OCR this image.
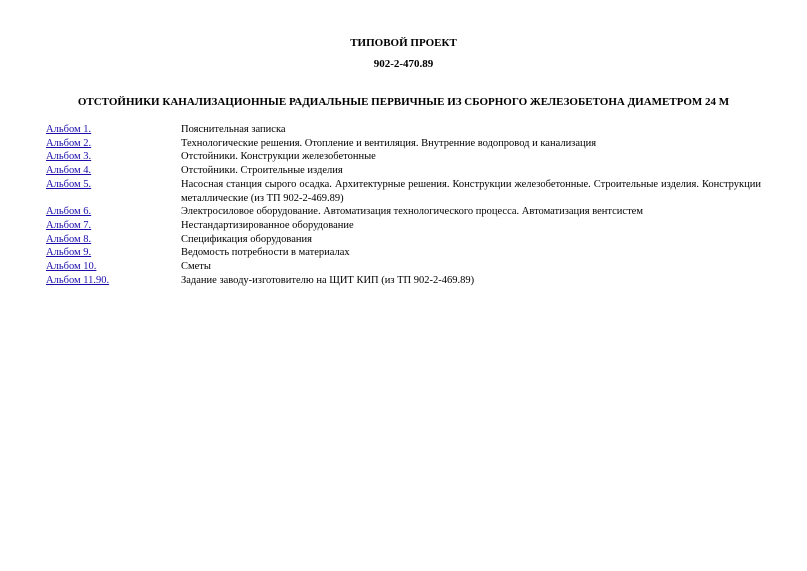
ТИПОВОЙ ПРОЕКТ
902-2-470.89
ОТСТОЙНИКИ КАНАЛИЗАЦИОННЫЕ РАДИАЛЬНЫЕ ПЕРВИЧНЫЕ ИЗ СБОРНОГО ЖЕЛЕЗОБЕТОНА ДИАМЕТРОМ 24 М
Альбом 1.	Пояснительная записка
Альбом 2.	Технологические решения. Отопление и вентиляция. Внутренние водопровод и канализация
Альбом 3.	Отстойники. Конструкции железобетонные
Альбом 4.	Отстойники. Строительные изделия
Альбом 5.	Насосная станция сырого осадка. Архитектурные решения. Конструкции железобетонные. Строительные изделия. Конструкции металлические (из ТП 902-2-469.89)
Альбом 6.	Электросиловое оборудование. Автоматизация технологического процесса. Автоматизация вентсистем
Альбом 7.	Нестандартизированное оборудование
Альбом 8.	Спецификация оборудования
Альбом 9.	Ведомость потребности в материалах
Альбом 10.	Сметы
Альбом 11.90.	Задание заводу-изготовителю на ЩИТ КИП (из ТП 902-2-469.89)
